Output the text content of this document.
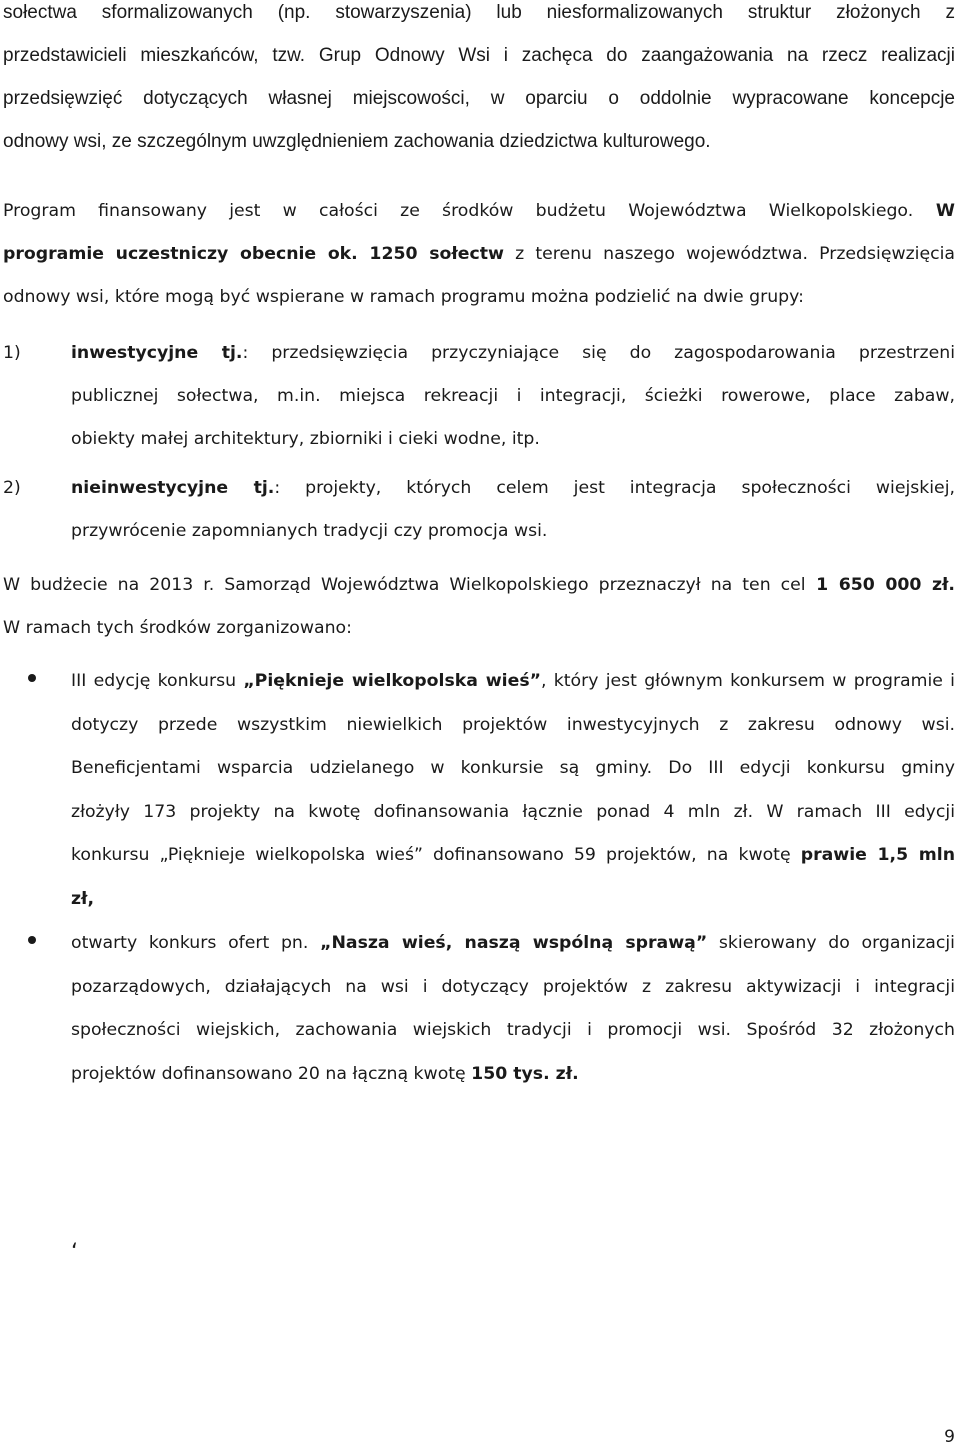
sołectwa sformalizowanych (np. stowarzyszenia) lub niesformalizowanych struktur złożonych z
przedstawicieli mieszkańców, tzw. Grup Odnowy Wsi i zachęca do zaangażowania na rzecz realizacji
przedsięwzięć dotyczących własnej miejscowości, w oparciu o oddolnie wypracowane koncepcje
odnowy wsi, ze szczególnym uwzględnieniem zachowania dziedzictwa kulturowego.
Program finansowany jest w całości ze środków budżetu Województwa Wielkopolskiego. W
programie uczestniczy obecnie ok. 1250 sołectw z terenu naszego województwa. Przedsięwzięcia
odnowy wsi, które mogą być wspierane w ramach programu można podzielić na dwie grupy:
1)	inwestycyjne tj.: przedsięwzięcia przyczyniające się do zagospodarowania przestrzeni
publicznej sołectwa, m.in. miejsca rekreacji i integracji, ścieżki rowerowe, place zabaw,
obiekty małej architektury, zbiorniki i cieki wodne, itp.
2)	nieinwestycyjne tj.: projekty, których celem jest integracja społeczności wiejskiej,
przywrócenie zapomnianych tradycji czy promocja wsi.
W budżecie na 2013 r. Samorząd Województwa Wielkopolskiego przeznaczył na ten cel 1 650 000 zł.
W ramach tych środków zorganizowano:
III edycję konkursu „Pięknieje wielkopolska wieś”, który jest głównym konkursem w programie i
dotyczy przede wszystkim niewielkich projektów inwestycyjnych z zakresu odnowy wsi.
Beneficjentami wsparcia udzielanego w konkursie są gminy. Do III edycji konkursu gminy
złożyły 173 projekty na kwotę dofinansowania łącznie ponad 4 mln zł. W ramach III edycji
konkursu „Pięknieje wielkopolska wieś” dofinansowano 59 projektów, na kwotę prawie 1,5 mln
zł,
otwarty konkurs ofert pn. „Nasza wieś, naszą wspólną sprawą” skierowany do organizacji
pozarządowych, działających na wsi i dotyczący projektów z zakresu aktywizacji i integracji
społeczności wiejskich, zachowania wiejskich tradycji i promocji wsi. Spośród 32 złożonych
projektów dofinansowano 20 na łączną kwotę 150 tys. zł.
‘
9
